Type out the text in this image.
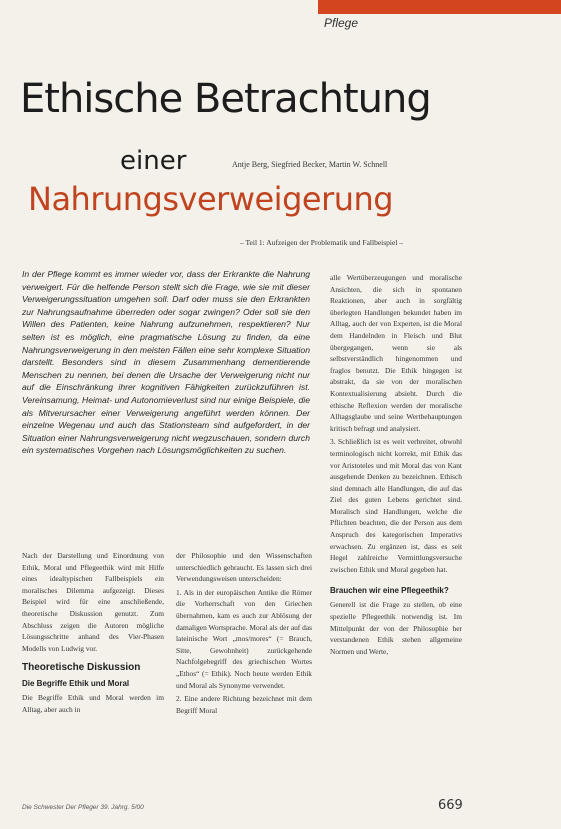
Pflege
Ethische Betrachtung
einer	Antje Berg, Siegfried Becker, Martin W. Schnell
Nahrungsverweigerung
– Teil 1: Aufzeigen der Problematik und Fallbeispiel –
In der Pflege kommt es immer wieder vor, dass der Erkrankte die Nahrung verweigert. Für die helfende Person stellt sich die Frage, wie sie mit dieser Verweigerungssituation umgehen soll. Darf oder muss sie den Erkrankten zur Nahrungsaufnahme überreden oder sogar zwingen? Oder soll sie den Willen des Patienten, keine Nahrung aufzunehmen, respektieren? Nur selten ist es möglich, eine pragmatische Lösung zu finden, da eine Nahrungsverweigerung in den meisten Fällen eine sehr komplexe Situation darstellt. Besonders sind in diesem Zusammenhang dementierende Menschen zu nennen, bei denen die Ursache der Verweigerung nicht nur auf die Einschränkung ihrer kognitiven Fähigkeiten zurückzuführen ist. Vereinsamung, Heimat- und Autonomieverlust sind nur einige Beispiele, die als Mitverursacher einer Verweigerung angeführt werden können. Der einzelne Wegenau und auch das Stationsteam sind aufgefordert, in der Situation einer Nahrungsverweigerung nicht wegzuschauen, sondern durch ein systematisches Vorgehen nach Lösungsmöglichkeiten zu suchen.

Nach der Darstellung und Einordnung von Ethik, Moral und Pflegeethik wird mit Hilfe eines idealtypischen Fallbeispiels ein moralisches Dilemma aufgezeigt. Dieses Beispiel wird für eine anschließende, theoretische Diskussion genutzt. Zum Abschluss zeigen die Autoren mögliche Lösungsschritte anhand des Vier-Phasen Modells von Ludwig vor.

Theoretische Diskussion
Die Begriffe Ethik und Moral

Die Begriffe Ethik und Moral werden im Alltag, aber auch in

der Philosophie und den Wissenschaften unterschiedlich gebraucht. Es lassen sich drei Verwendungsweisen unterscheiden:

1. Als in der europäischen Antike die Römer die Vorherrschaft von den Griechen übernahmen, kam es auch zur Ablösung der damaligen Wortsprache. Moral als der auf das lateinische Wort „mos/mores“ (= Brauch, Sitte, Gewohnheit) zurückgehende Nachfolgebegriff des griechischen Wortes „Ethos“ (= Ethik). Noch heute werden Ethik und Moral als Synonyme verwendet.

2. Eine andere Richtung bezeichnet mit dem Begriff Moral

alle Wertüberzeugungen und moralische Ansichten, die sich in spontanen Reaktionen, aber auch in sorgfältig überlegten Handlungen bekundet haben im Alltag, auch der von Experten, ist die Moral dem Handelnden in Fleisch und Blut übergegangen, wenn sie als selbstverständlich hingenommen und fraglos benutzt. Die Ethik hingegen ist abstrakt, da sie von der moralischen Kontextualisierung absieht. Durch die ethische Reflexion werden der moralische Alltagsglaube und seine Wertbehauptungen kritisch befragt und analysiert.

3. Schließlich ist es weit verbreitet, obwohl terminologisch nicht korrekt, mit Ethik das vor Aristoteles und mit Moral das von Kant ausgehende Denken zu bezeichnen. Ethisch sind demnach alle Handlungen, die auf das Ziel des guten Lebens gerichtet sind. Moralisch sind Handlungen, welche die Pflichten beachten, die der Person aus dem Anspruch des kategorischen Imperativs erwachsen. Zu ergänzen ist, dass es seit Hegel zahlreiche Vermittlungsversuche zwischen Ethik und Moral gegeben hat.

Brauchen wir eine Pflegeethik?

Generell ist die Frage zu stellen, ob eine spezielle Pflegeethik notwendig ist. Im Mittelpunkt der von der Philosophie her verstandenen Ethik stehen allgemeine Normen und Werte,

Die Schwester Der Pfleger 39. Jahrg. 5/00	669
